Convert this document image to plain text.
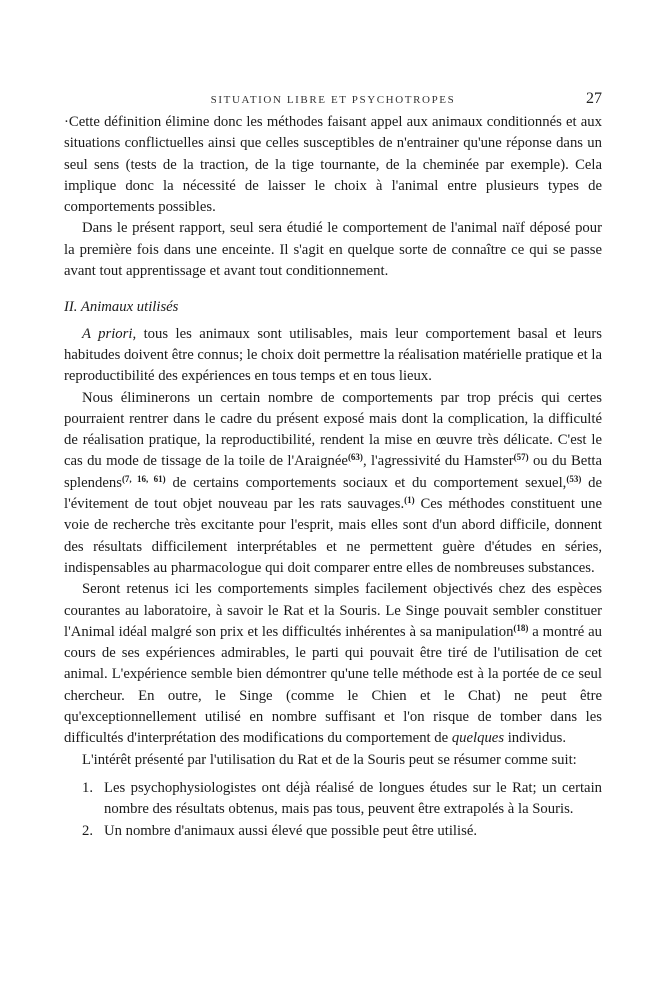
SITUATION LIBRE ET PSYCHOTROPES	27

·Cette définition élimine donc les méthodes faisant appel aux animaux conditionnés et aux situations conflictuelles ainsi que celles susceptibles de n'entrainer qu'une réponse dans un seul sens (tests de la traction, de la tige tournante, de la cheminée par exemple). Cela implique donc la nécessité de laisser le choix à l'animal entre plusieurs types de comportements possibles.

Dans le présent rapport, seul sera étudié le comportement de l'animal naïf déposé pour la première fois dans une enceinte. Il s'agit en quelque sorte de connaître ce qui se passe avant tout apprentissage et avant tout conditionnement.

II. Animaux utilisés

A priori, tous les animaux sont utilisables, mais leur comportement basal et leurs habitudes doivent être connus; le choix doit permettre la réalisation matérielle pratique et la reproductibilité des expériences en tous temps et en tous lieux.

Nous éliminerons un certain nombre de comportements par trop précis qui certes pourraient rentrer dans le cadre du présent exposé mais dont la complication, la difficulté de réalisation pratique, la reproductibilité, rendent la mise en œuvre très délicate. C'est le cas du mode de tissage de la toile de l'Araignée$^{(63)}$, l'agressivité du Hamster$^{(57)}$ ou du Betta splendens$^{(7, 16, 61)}$ de certains comportements sociaux et du comportement sexuel,$^{(53)}$ de l'évitement de tout objet nouveau par les rats sauvages.$^{(1)}$ Ces méthodes constituent une voie de recherche très excitante pour l'esprit, mais elles sont d'un abord difficile, donnent des résultats difficilement interprétables et ne permettent guère d'études en séries, indispensables au pharmacologue qui doit comparer entre elles de nombreuses substances.

Seront retenus ici les comportements simples facilement objectivés chez des espèces courantes au laboratoire, à savoir le Rat et la Souris. Le Singe pouvait sembler constituer l'Animal idéal malgré son prix et les difficultés inhérentes à sa manipulation$^{(18)}$ a montré au cours de ses expériences admirables, le parti qui pouvait être tiré de l'utilisation de cet animal. L'expérience semble bien démontrer qu'une telle méthode est à la portée de ce seul chercheur. En outre, le Singe (comme le Chien et le Chat) ne peut être qu'exceptionnellement utilisé en nombre suffisant et l'on risque de tomber dans les difficultés d'interprétation des modifications du comportement de quelques individus.

L'intérêt présenté par l'utilisation du Rat et de la Souris peut se résumer comme suit:

1. Les psychophysiologistes ont déjà réalisé de longues études sur le Rat; un certain nombre des résultats obtenus, mais pas tous, peuvent être extrapolés à la Souris.
2. Un nombre d'animaux aussi élevé que possible peut être utilisé.
